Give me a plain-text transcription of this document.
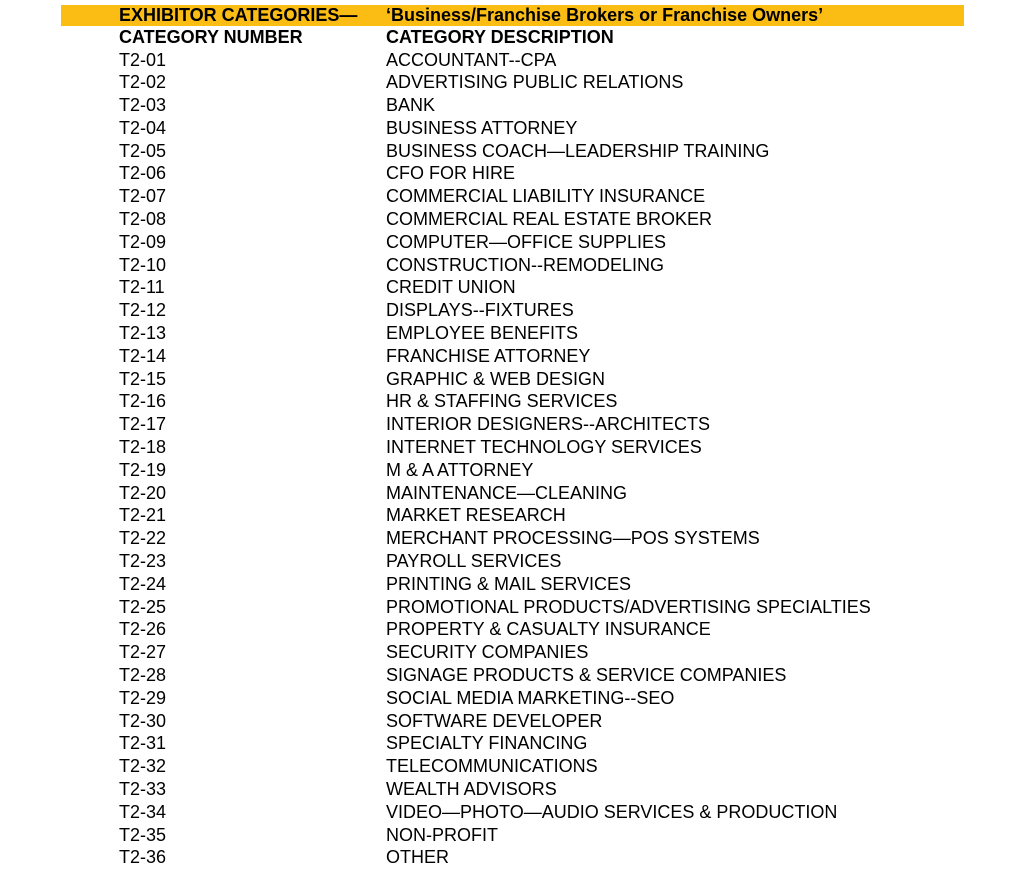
EXHIBITOR CATEGORIES— ‘Business/Franchise Brokers or Franchise Owners’
CATEGORY NUMBER	CATEGORY DESCRIPTION
T2-01	ACCOUNTANT--CPA
T2-02	ADVERTISING PUBLIC RELATIONS
T2-03	BANK
T2-04	BUSINESS ATTORNEY
T2-05	BUSINESS COACH—LEADERSHIP TRAINING
T2-06	CFO FOR HIRE
T2-07	COMMERCIAL LIABILITY INSURANCE
T2-08	COMMERCIAL REAL ESTATE BROKER
T2-09	COMPUTER—OFFICE SUPPLIES
T2-10	CONSTRUCTION--REMODELING
T2-11	CREDIT UNION
T2-12	DISPLAYS--FIXTURES
T2-13	EMPLOYEE BENEFITS
T2-14	FRANCHISE ATTORNEY
T2-15	GRAPHIC & WEB DESIGN
T2-16	HR & STAFFING SERVICES
T2-17	INTERIOR DESIGNERS--ARCHITECTS
T2-18	INTERNET TECHNOLOGY SERVICES
T2-19	M & A ATTORNEY
T2-20	MAINTENANCE—CLEANING
T2-21	MARKET RESEARCH
T2-22	MERCHANT PROCESSING—POS SYSTEMS
T2-23	PAYROLL SERVICES
T2-24	PRINTING & MAIL SERVICES
T2-25	PROMOTIONAL PRODUCTS/ADVERTISING SPECIALTIES
T2-26	PROPERTY & CASUALTY INSURANCE
T2-27	SECURITY COMPANIES
T2-28	SIGNAGE PRODUCTS & SERVICE COMPANIES
T2-29	SOCIAL MEDIA MARKETING--SEO
T2-30	SOFTWARE DEVELOPER
T2-31	SPECIALTY FINANCING
T2-32	TELECOMMUNICATIONS
T2-33	WEALTH ADVISORS
T2-34	VIDEO—PHOTO—AUDIO SERVICES & PRODUCTION
T2-35	NON-PROFIT
T2-36	OTHER
